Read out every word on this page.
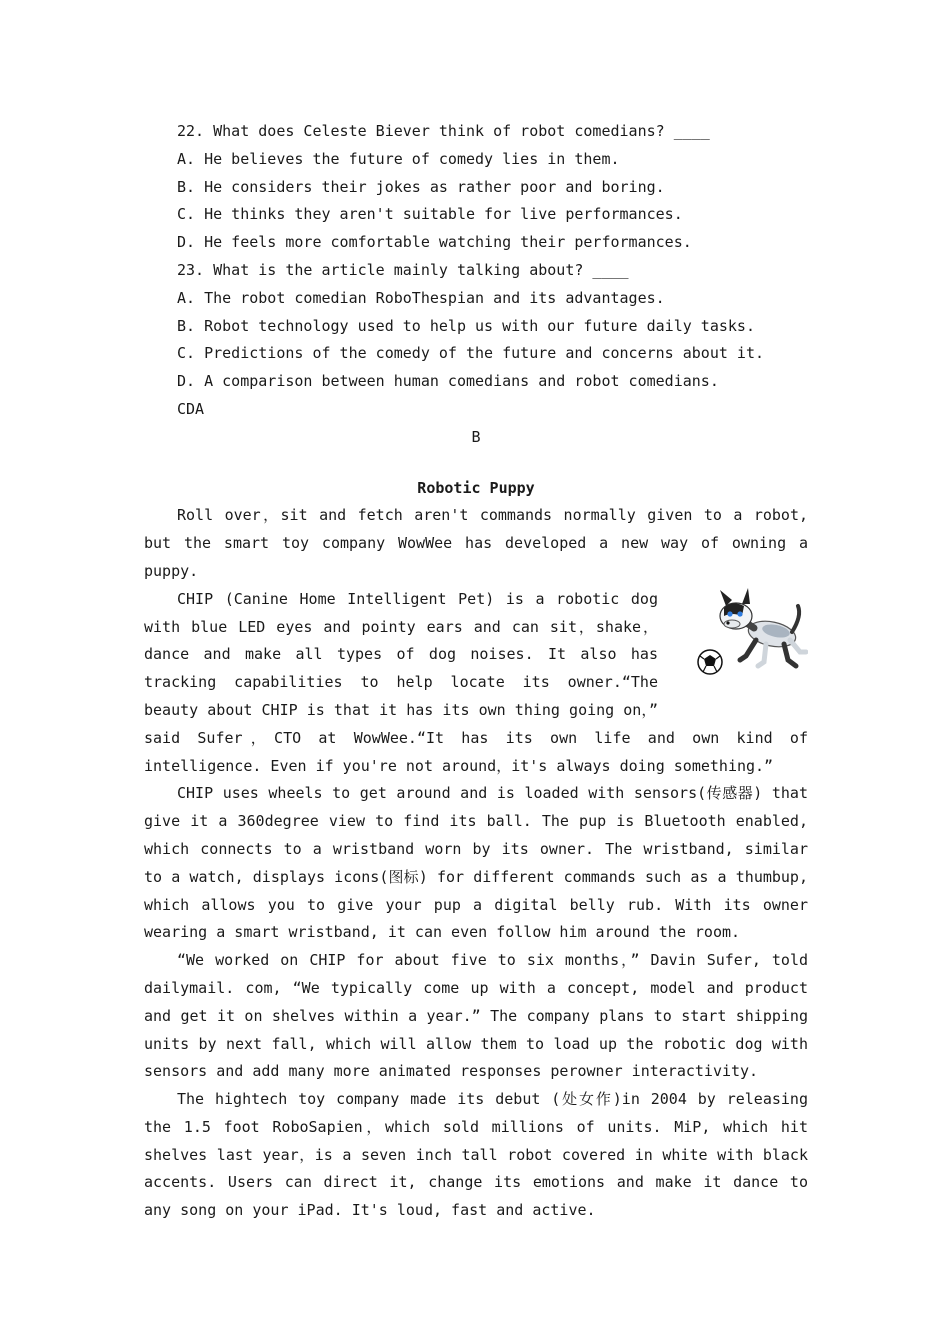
22. What does Celeste Biever think of robot comedians? ____
A. He believes the future of comedy lies in them.
B. He considers their jokes as rather poor and boring.
C. He thinks they aren't suitable for live performances.
D. He feels more comfortable watching their performances.
23. What is the article mainly talking about? ____
A. The robot comedian RoboThespian and its advantages.
B. Robot technology used to help us with our future daily tasks.
C. Predictions of the comedy of the future and concerns about it.
D. A comparison between human comedians and robot comedians.
CDA
B
Robotic Puppy

Roll over，sit and fetch aren't commands normally given to a robot, but the smart toy company WowWee has developed a new way of owning a puppy.

CHIP (Canine Home Intelligent Pet) is a robotic dog with blue LED eyes and pointy ears and can sit，shake，dance and make all types of dog noises. It also has tracking capabilities to help locate its owner.“The beauty about CHIP is that it has its own thing going on，” said Sufer，CTO at WowWee.“It has its own life and own kind of intelligence. Even if you're not around，it's always doing something.”

CHIP uses wheels to get around and is loaded with sensors(传感器) that give it a 360degree view to find its ball. The pup is Bluetooth enabled, which connects to a wristband worn by its owner. The wristband, similar to a watch, displays icons(图标) for different commands such as a thumbup, which allows you to give your pup a digital belly rub. With its owner wearing a smart wristband, it can even follow him around the room.

“We worked on CHIP for about five to six months，” Davin Sufer, told dailymail. com, “We typically come up with a concept, model and product and get it on shelves within a year.” The company plans to start shipping units by next fall, which will allow them to load up the robotic dog with sensors and add many more animated responses perowner interactivity.

The hightech toy company made its debut (处女作)in 2004 by releasing the 1.5 foot RoboSapien，which sold millions of units. MiP, which hit shelves last year，is a seven inch tall robot covered in white with black accents. Users can direct it, change its emotions and make it dance to any song on your iPad. It's loud, fast and active.
